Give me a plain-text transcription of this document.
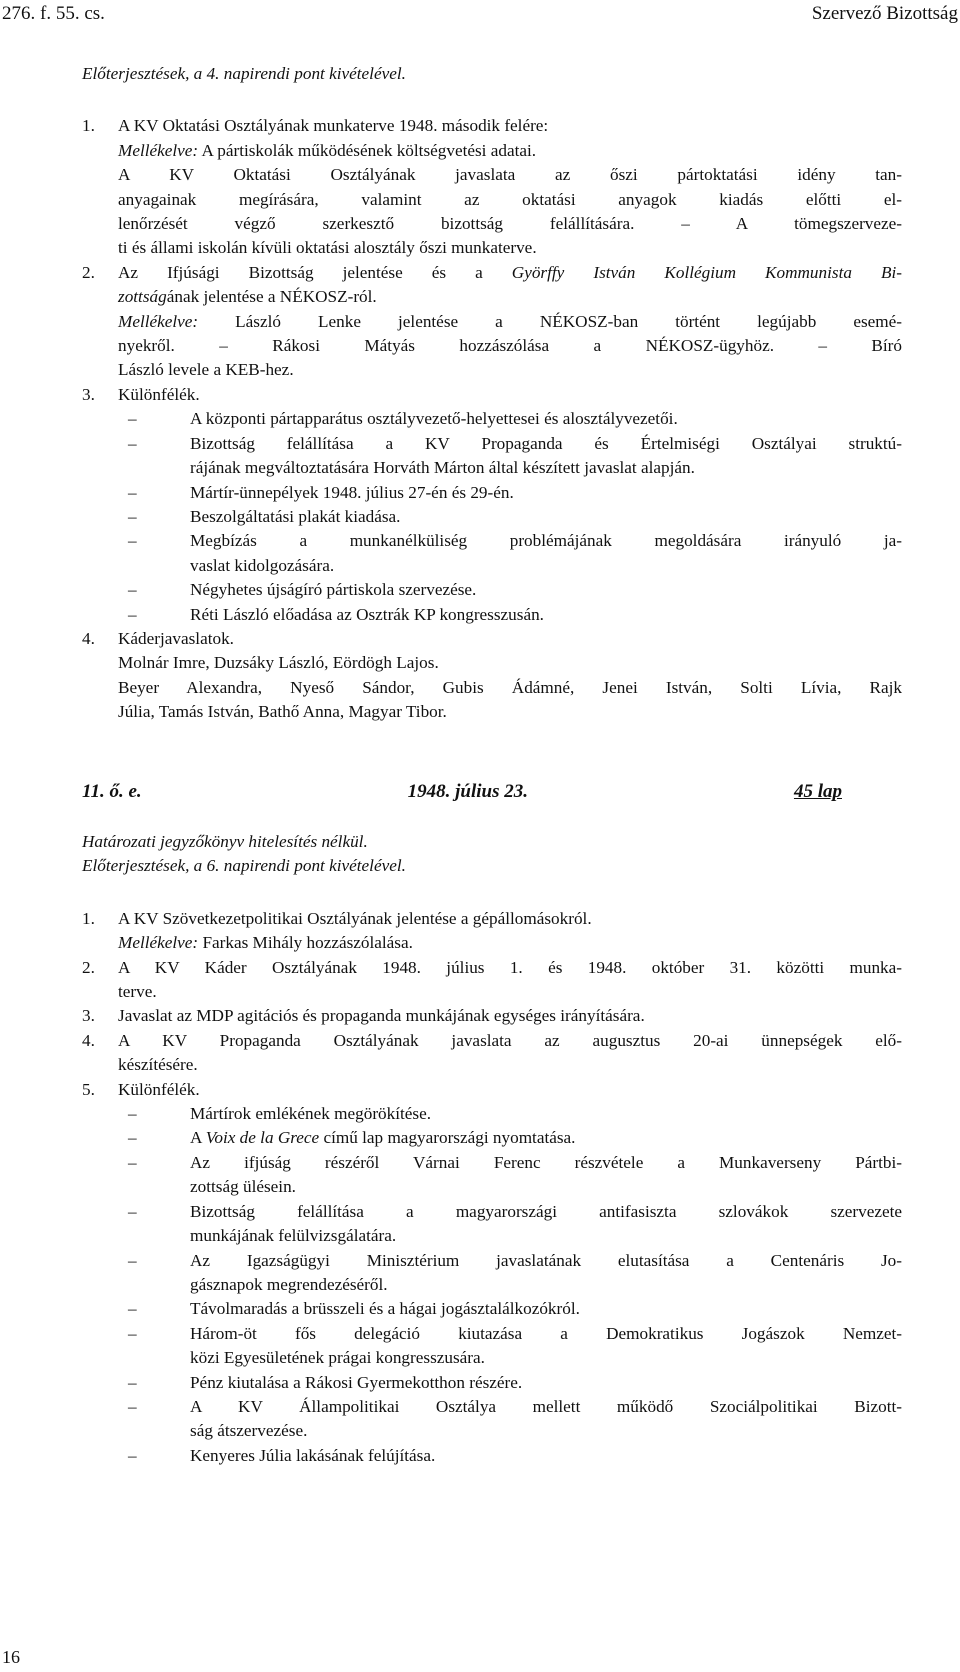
276. f. 55. cs.	Szervező Bizottság
Előterjesztések, a 4. napirendi pont kivételével.
1. A KV Oktatási Osztályának munkaterve 1948. második felére:
Mellékelve: A pártiskolák működésének költségvetési adatai.
A KV Oktatási Osztályának javaslata az őszi pártoktatási idény tan-
anyagainak megírására, valamint az oktatási anyagok kiadás előtti el-
lenőrzését végző szerkesztő bizottság felállítására. – A tömegszerveze-
ti és állami iskolán kívüli oktatási alosztály őszi munkaterve.
2. Az Ifjúsági Bizottság jelentése és a Györffy István Kollégium Kommunista Bi-
zottságának jelentése a NÉKOSZ-ról.
Mellékelve: László Lenke jelentése a NÉKOSZ-ban történt legújabb esemé-
nyekről. – Rákosi Mátyás hozzászólása a NÉKOSZ-ügyhöz. – Bíró
László levele a KEB-hez.
3. Különfélék.
– A központi pártapparátus osztályvezető-helyettesei és alosztályvezetői.
– Bizottság felállítása a KV Propaganda és Értelmiségi Osztályai struktú-
rájának megváltoztatására Horváth Márton által készített javaslat alapján.
– Mártír-ünnepélyek 1948. július 27-én és 29-én.
– Beszolgáltatási plakát kiadása.
– Megbízás a munkanélküliség problémájának megoldására irányuló ja-
vaslat kidolgozására.
– Négyhetes újságíró pártiskola szervezése.
– Réti László előadása az Osztrák KP kongresszusán.
4. Káderjavaslatok.
Molnár Imre, Duzsáky László, Eördögh Lajos.
Beyer Alexandra, Nyeső Sándor, Gubis Ádámné, Jenei István, Solti Lívia, Rajk
Júlia, Tamás István, Bathő Anna, Magyar Tibor.
11. ő. e.	1948. július 23.	45 lap
Határozati jegyzőkönyv hitelesítés nélkül.
Előterjesztések, a 6. napirendi pont kivételével.
1. A KV Szövetkezetpolitikai Osztályának jelentése a gépállomásokról.
Mellékelve: Farkas Mihály hozzászólalása.
2. A KV Káder Osztályának 1948. július 1. és 1948. október 31. közötti munka-
terve.
3. Javaslat az MDP agitációs és propaganda munkájának egységes irányítására.
4. A KV Propaganda Osztályának javaslata az augusztus 20-ai ünnepségek elő-
készítésére.
5. Különfélék.
– Mártírok emlékének megörökítése.
– A Voix de la Grece című lap magyarországi nyomtatása.
– Az ifjúság részéről Várnai Ferenc részvétele a Munkaverseny Pártbi-
zottság ülésein.
– Bizottság felállítása a magyarországi antifasiszta szlovákok szervezete
munkájának felülvizsgálatára.
– Az Igazságügyi Minisztérium javaslatának elutasítása a Centenáris Jo-
gásznapok megrendezéséről.
– Távolmaradás a brüsszeli és a hágai jogásztalálkozókról.
– Három-öt fős delegáció kiutazása a Demokratikus Jogászok Nemzet-
közi Egyesületének prágai kongresszusára.
– Pénz kiutalása a Rákosi Gyermekotthon részére.
– A KV Állampolitikai Osztálya mellett működő Szociálpolitikai Bizott-
ság átszervezése.
– Kenyeres Júlia lakásának felújítása.
16
